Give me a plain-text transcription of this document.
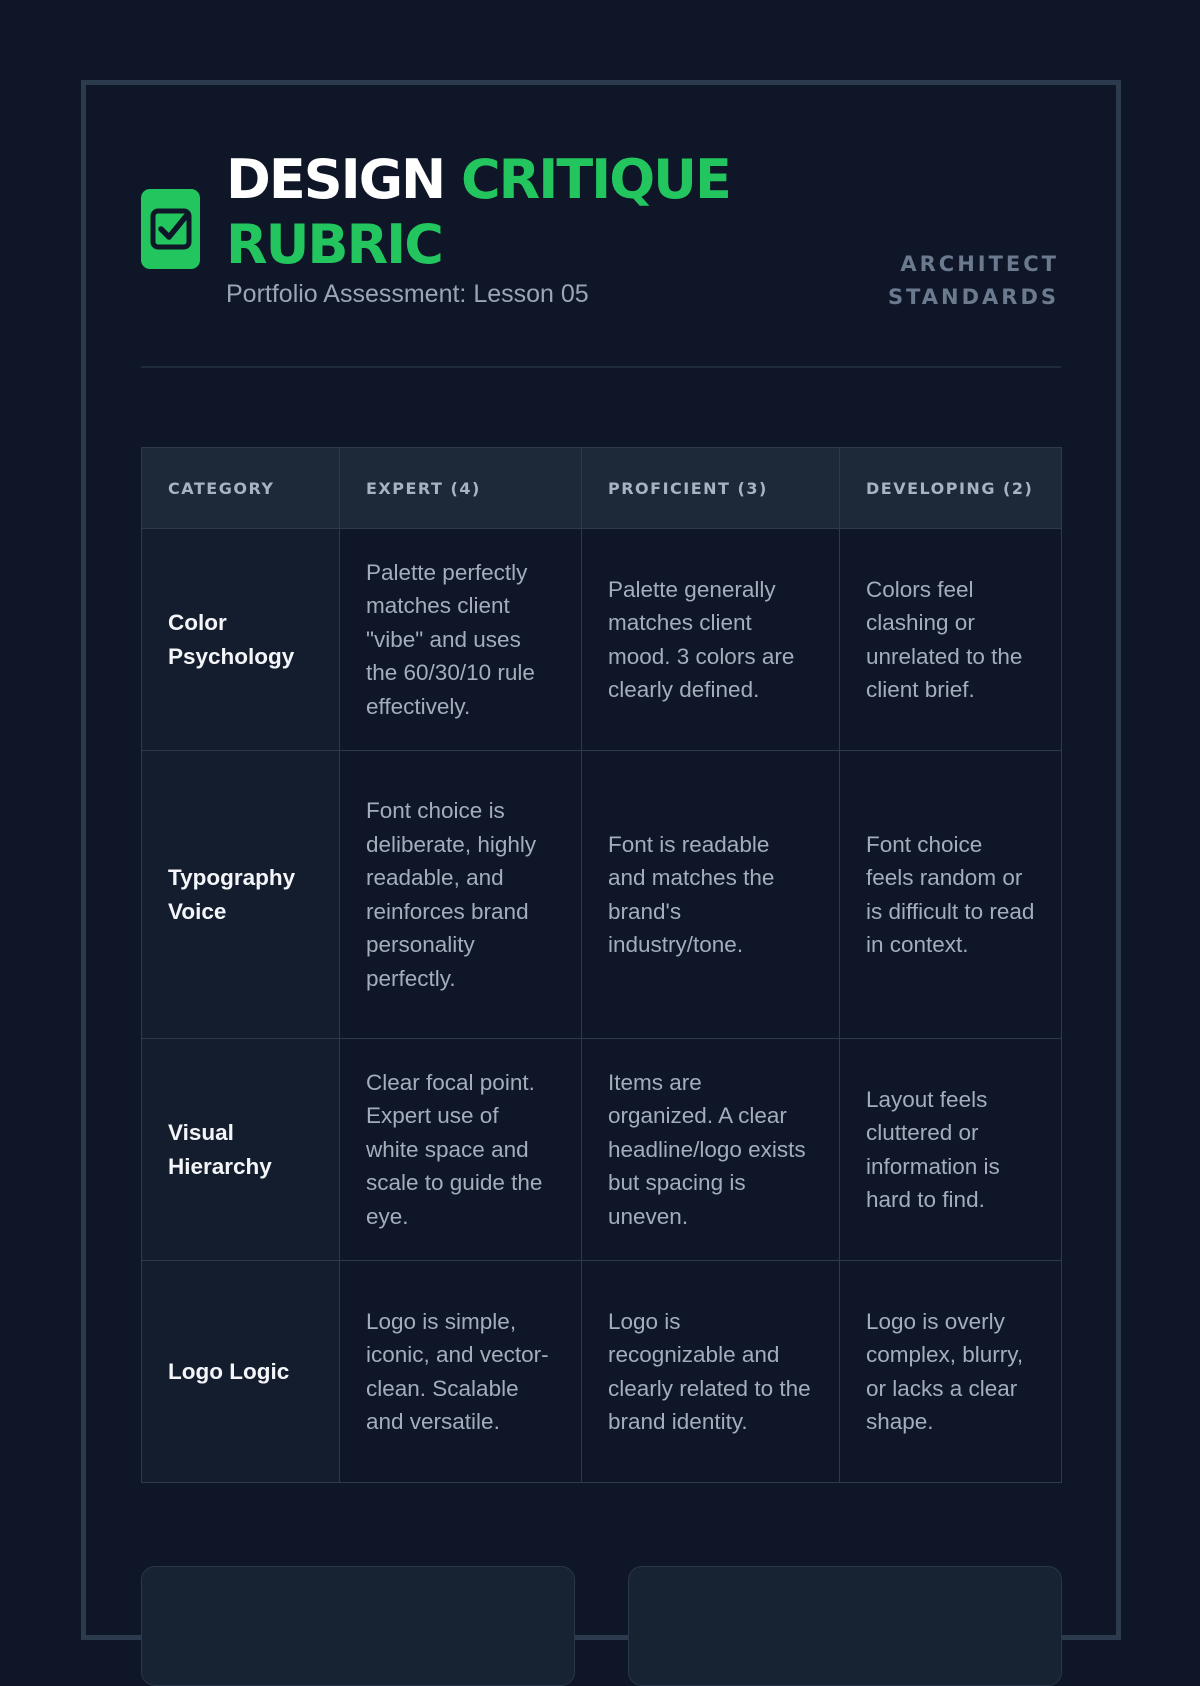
DESIGN CRITIQUE RUBRIC
Portfolio Assessment: Lesson 05
ARCHITECT
STANDARDS
CATEGORY	EXPERT (4)	PROFICIENT (3)	DEVELOPING (2)
Color Psychology	Palette perfectly matches client "vibe" and uses the 60/30/10 rule effectively.	Palette generally matches client mood. 3 colors are clearly defined.	Colors feel clashing or unrelated to the client brief.
Typography Voice	Font choice is deliberate, highly readable, and reinforces brand personality perfectly.	Font is readable and matches the brand's industry/tone.	Font choice feels random or is difficult to read in context.
Visual Hierarchy	Clear focal point. Expert use of white space and scale to guide the eye.	Items are organized. A clear headline/logo exists but spacing is uneven.	Layout feels cluttered or information is hard to find.
Logo Logic	Logo is simple, iconic, and vector-clean. Scalable and versatile.	Logo is recognizable and clearly related to the brand identity.	Logo is overly complex, blurry, or lacks a clear shape.
